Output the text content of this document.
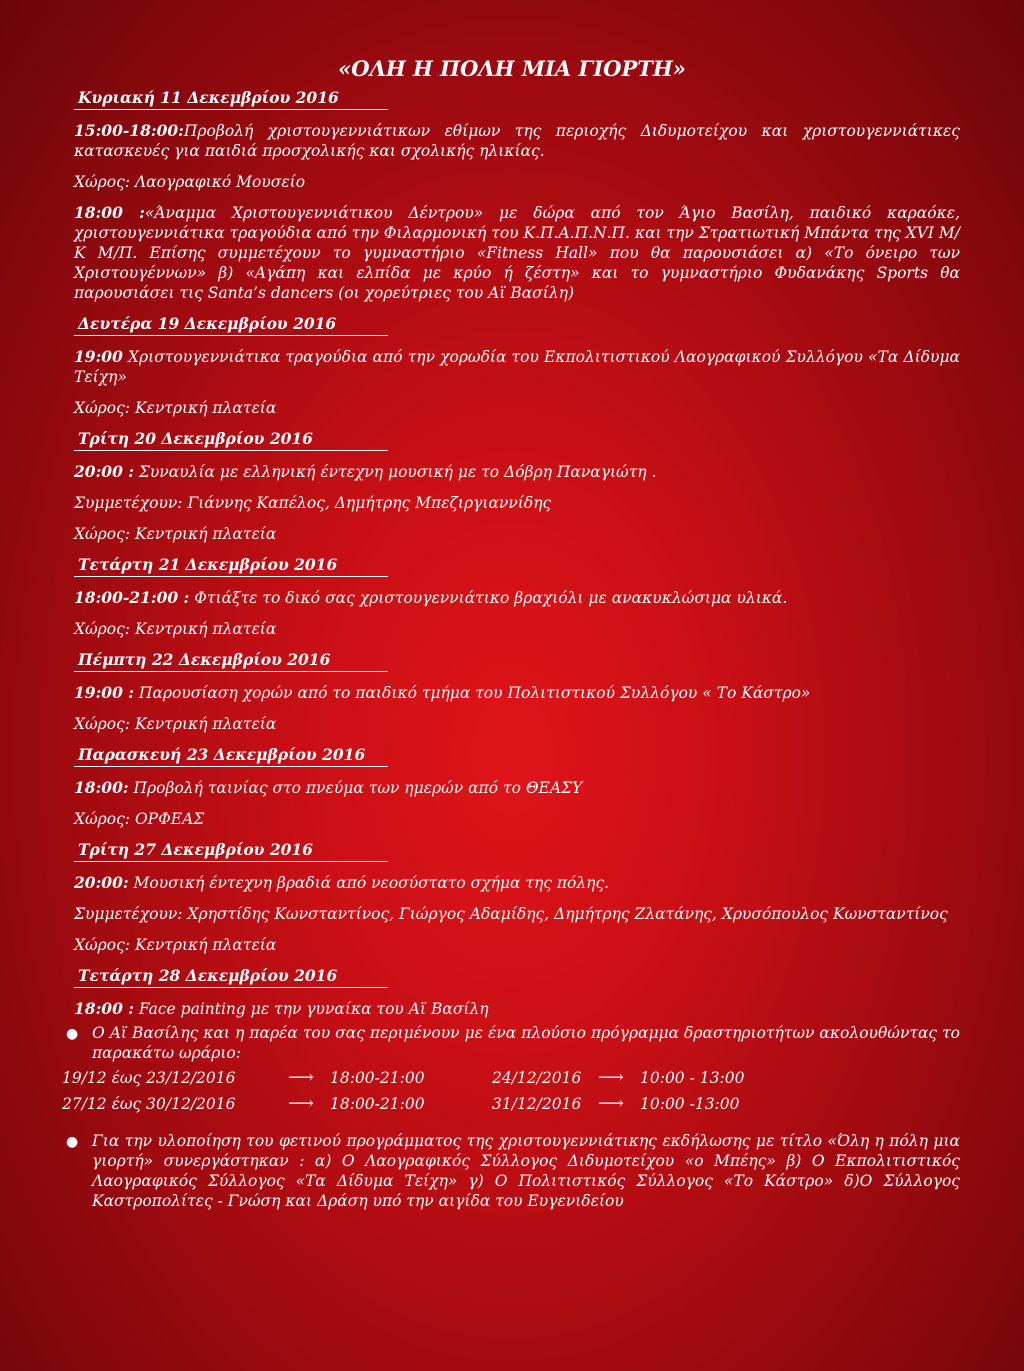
«ΟΛΗ Η ΠΟΛΗ ΜΙΑ ΓΙΟΡΤΗ»
Κυριακή 11 Δεκεμβρίου 2016

15:00-18:00:Προβολή χριστουγεννιάτικων εθίμων της περιοχής Διδυμοτείχου και χριστουγεννιάτικες κατασκευές για παιδιά προσχολικής και σχολικής ηλικίας.

Χώρος: Λαογραφικό Μουσείο

18:00 :«Άναμμα Χριστουγεννιάτικου Δέντρου» με δώρα από τον Άγιο Βασίλη, παιδικό καραόκε, χριστουγεννιάτικα τραγούδια από την Φιλαρμονική του Κ.Π.Α.Π.Ν.Π. και την Στρατιωτική Μπάντα της XVI Μ/Κ Μ/Π. Επίσης συμμετέχουν το γυμναστήριο «Fitness Hall» που θα παρουσιάσει α) «Το όνειρο των Χριστουγέννων» β) «Αγάπη και ελπίδα με κρύο ή ζέστη» και το γυμναστήριο Φυδανάκης Sports θα παρουσιάσει τις Santa’s dancers (οι χορεύτριες του Αϊ Βασίλη)

Δευτέρα 19 Δεκεμβρίου 2016

19:00 Χριστουγεννιάτικα τραγούδια από την χορωδία του Εκπολιτιστικού Λαογραφικού Συλλόγου «Τα Δίδυμα Τείχη»

Χώρος: Κεντρική πλατεία

Τρίτη 20 Δεκεμβρίου 2016

20:00 : Συναυλία με ελληνική έντεχνη μουσική με το Δόβρη Παναγιώτη .

Συμμετέχουν: Γιάννης Καπέλος, Δημήτρης Μπεζιργιαννίδης

Χώρος: Κεντρική πλατεία

Τετάρτη 21 Δεκεμβρίου 2016

18:00-21:00 : Φτιάξτε το δικό σας χριστουγεννιάτικο βραχιόλι με ανακυκλώσιμα υλικά.

Χώρος: Κεντρική πλατεία

Πέμπτη 22 Δεκεμβρίου 2016

19:00 : Παρουσίαση χορών από το παιδικό τμήμα του Πολιτιστικού Συλλόγου « Το Κάστρο»

Χώρος: Κεντρική πλατεία

Παρασκευή 23 Δεκεμβρίου 2016

18:00: Προβολή ταινίας στο πνεύμα των ημερών από το ΘΕΑΣΥ

Χώρος: ΟΡΦΕΑΣ

Τρίτη 27 Δεκεμβρίου 2016

20:00: Μουσική έντεχνη βραδιά από νεοσύστατο σχήμα της πόλης.

Συμμετέχουν: Χρηστίδης Κωνσταντίνος, Γιώργος Αδαμίδης, Δημήτρης Ζλατάνης, Χρυσόπουλος Κωνσταντίνος

Χώρος: Κεντρική πλατεία

Τετάρτη 28 Δεκεμβρίου 2016

18:00 : Face painting με την γυναίκα του Αϊ Βασίλη

● Ο Αϊ Βασίλης και η παρέα του σας περιμένουν με ένα πλούσιο πρόγραμμα δραστηριοτήτων ακολουθώντας το παρακάτω ωράριο:

19/12 έως 23/12/2016	⟶ 18:00-21:00	24/12/2016 ⟶ 10:00 - 13:00
27/12 έως 30/12/2016	⟶ 18:00-21:00	31/12/2016 ⟶ 10:00 -13:00

● Για την υλοποίηση του φετινού προγράμματος της χριστουγεννιάτικης εκδήλωσης με τίτλο «Όλη η πόλη μια γιορτή» συνεργάστηκαν : α) Ο Λαογραφικός Σύλλογος Διδυμοτείχου «ο Μπέης» β) Ο Εκπολιτιστικός Λαογραφικός Σύλλογος «Τα Δίδυμα Τείχη» γ) Ο Πολιτιστικός Σύλλογος «Το Κάστρο» δ)Ο Σύλλογος Καστροπολίτες - Γνώση και Δράση υπό την αιγίδα του Ευγενιδείου
